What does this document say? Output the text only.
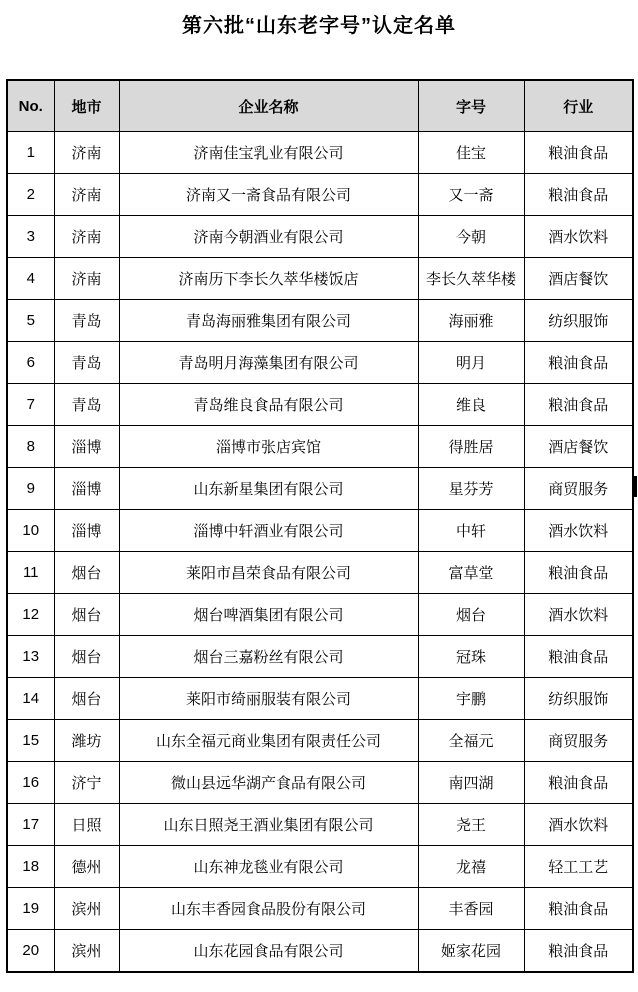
第六批“山东老字号”认定名单
No.	地市	企业名称	字号	行业
1	济南	济南佳宝乳业有限公司	佳宝	粮油食品
2	济南	济南又一斋食品有限公司	又一斋	粮油食品
3	济南	济南今朝酒业有限公司	今朝	酒水饮料
4	济南	济南历下李长久萃华楼饭店	李长久萃华楼	酒店餐饮
5	青岛	青岛海丽雅集团有限公司	海丽雅	纺织服饰
6	青岛	青岛明月海藻集团有限公司	明月	粮油食品
7	青岛	青岛维良食品有限公司	维良	粮油食品
8	淄博	淄博市张店宾馆	得胜居	酒店餐饮
9	淄博	山东新星集团有限公司	星芬芳	商贸服务
10	淄博	淄博中轩酒业有限公司	中轩	酒水饮料
11	烟台	莱阳市昌荣食品有限公司	富草堂	粮油食品
12	烟台	烟台啤酒集团有限公司	烟台	酒水饮料
13	烟台	烟台三嘉粉丝有限公司	冠珠	粮油食品
14	烟台	莱阳市绮丽服装有限公司	宇鹏	纺织服饰
15	潍坊	山东全福元商业集团有限责任公司	全福元	商贸服务
16	济宁	微山县远华湖产食品有限公司	南四湖	粮油食品
17	日照	山东日照尧王酒业集团有限公司	尧王	酒水饮料
18	德州	山东神龙毯业有限公司	龙禧	轻工工艺
19	滨州	山东丰香园食品股份有限公司	丰香园	粮油食品
20	滨州	山东花园食品有限公司	姬家花园	粮油食品
